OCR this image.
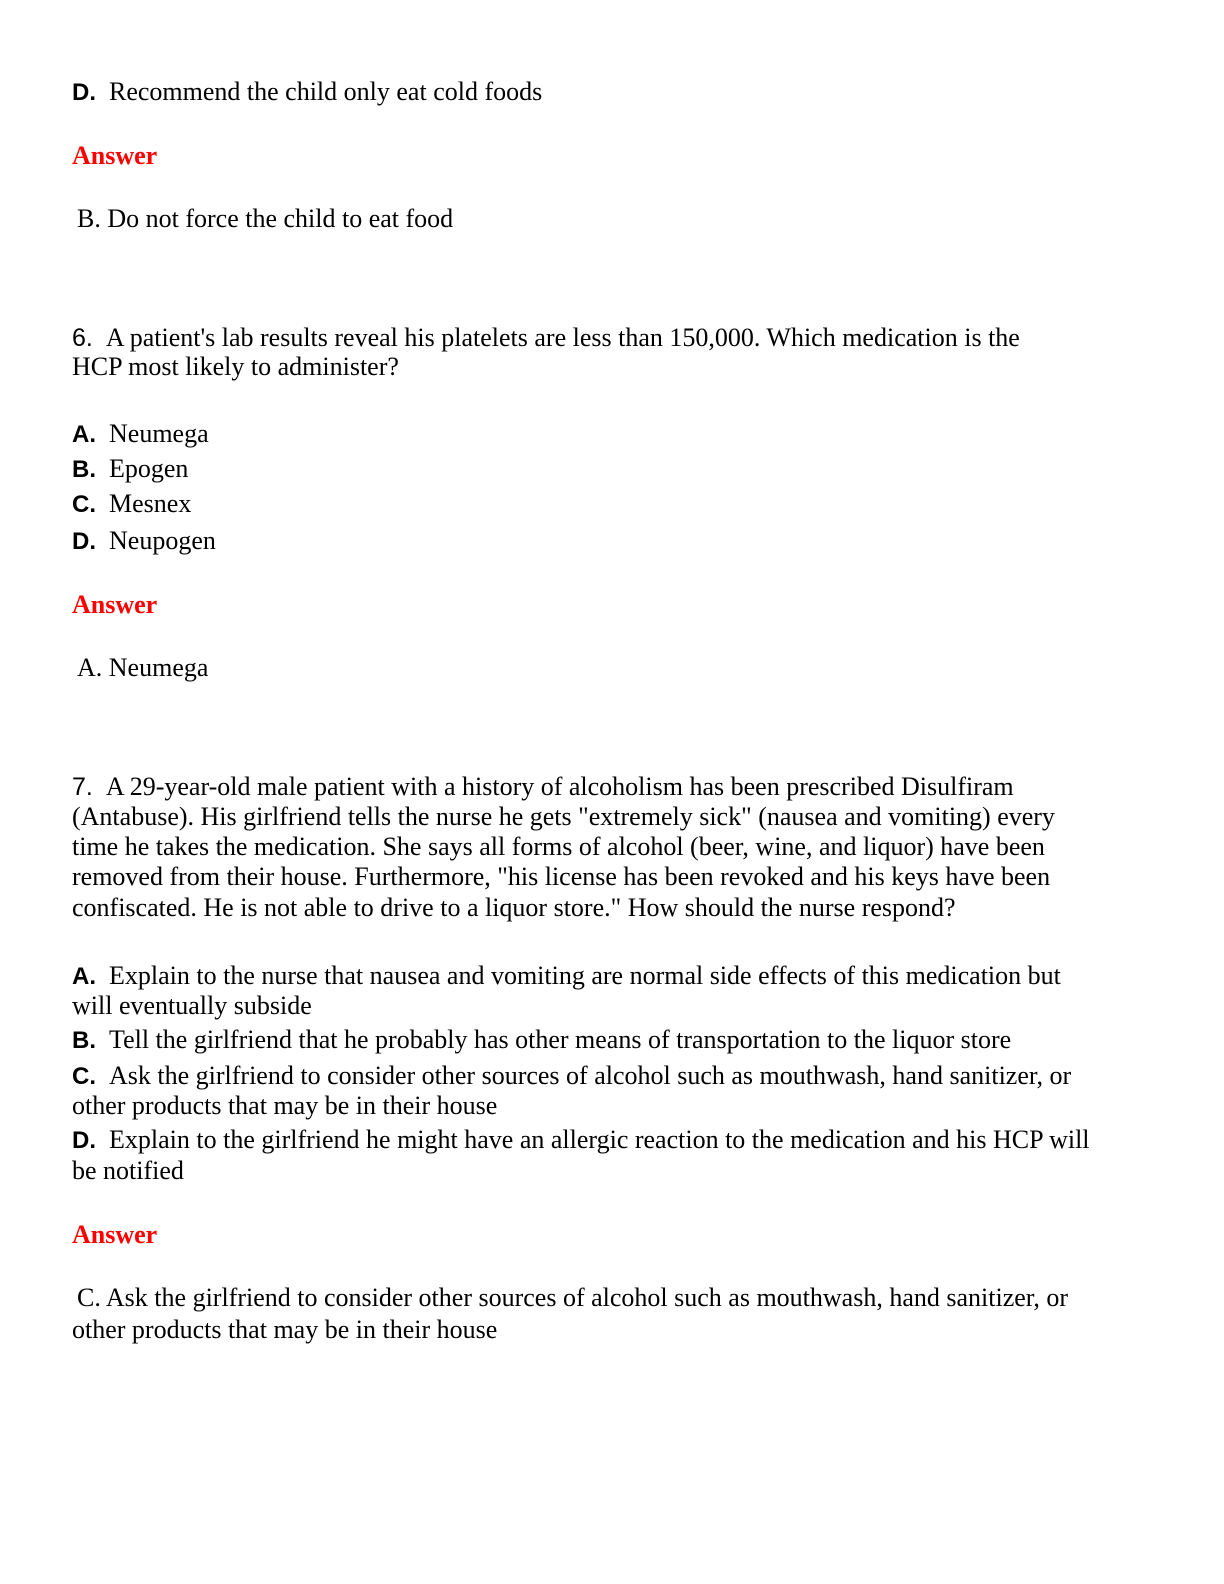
D. Recommend the child only eat cold foods
Answer
B. Do not force the child to eat food
6. A patient's lab results reveal his platelets are less than 150,000. Which medication is the
HCP most likely to administer?
A. Neumega
B. Epogen
C. Mesnex
D. Neupogen
Answer
A. Neumega
7. A 29-year-old male patient with a history of alcoholism has been prescribed Disulfiram
(Antabuse). His girlfriend tells the nurse he gets "extremely sick" (nausea and vomiting) every
time he takes the medication. She says all forms of alcohol (beer, wine, and liquor) have been
removed from their house. Furthermore, "his license has been revoked and his keys have been
confiscated. He is not able to drive to a liquor store." How should the nurse respond?
A. Explain to the nurse that nausea and vomiting are normal side effects of this medication but
will eventually subside
B. Tell the girlfriend that he probably has other means of transportation to the liquor store
C. Ask the girlfriend to consider other sources of alcohol such as mouthwash, hand sanitizer, or
other products that may be in their house
D. Explain to the girlfriend he might have an allergic reaction to the medication and his HCP will
be notified
Answer
C. Ask the girlfriend to consider other sources of alcohol such as mouthwash, hand sanitizer, or
other products that may be in their house
